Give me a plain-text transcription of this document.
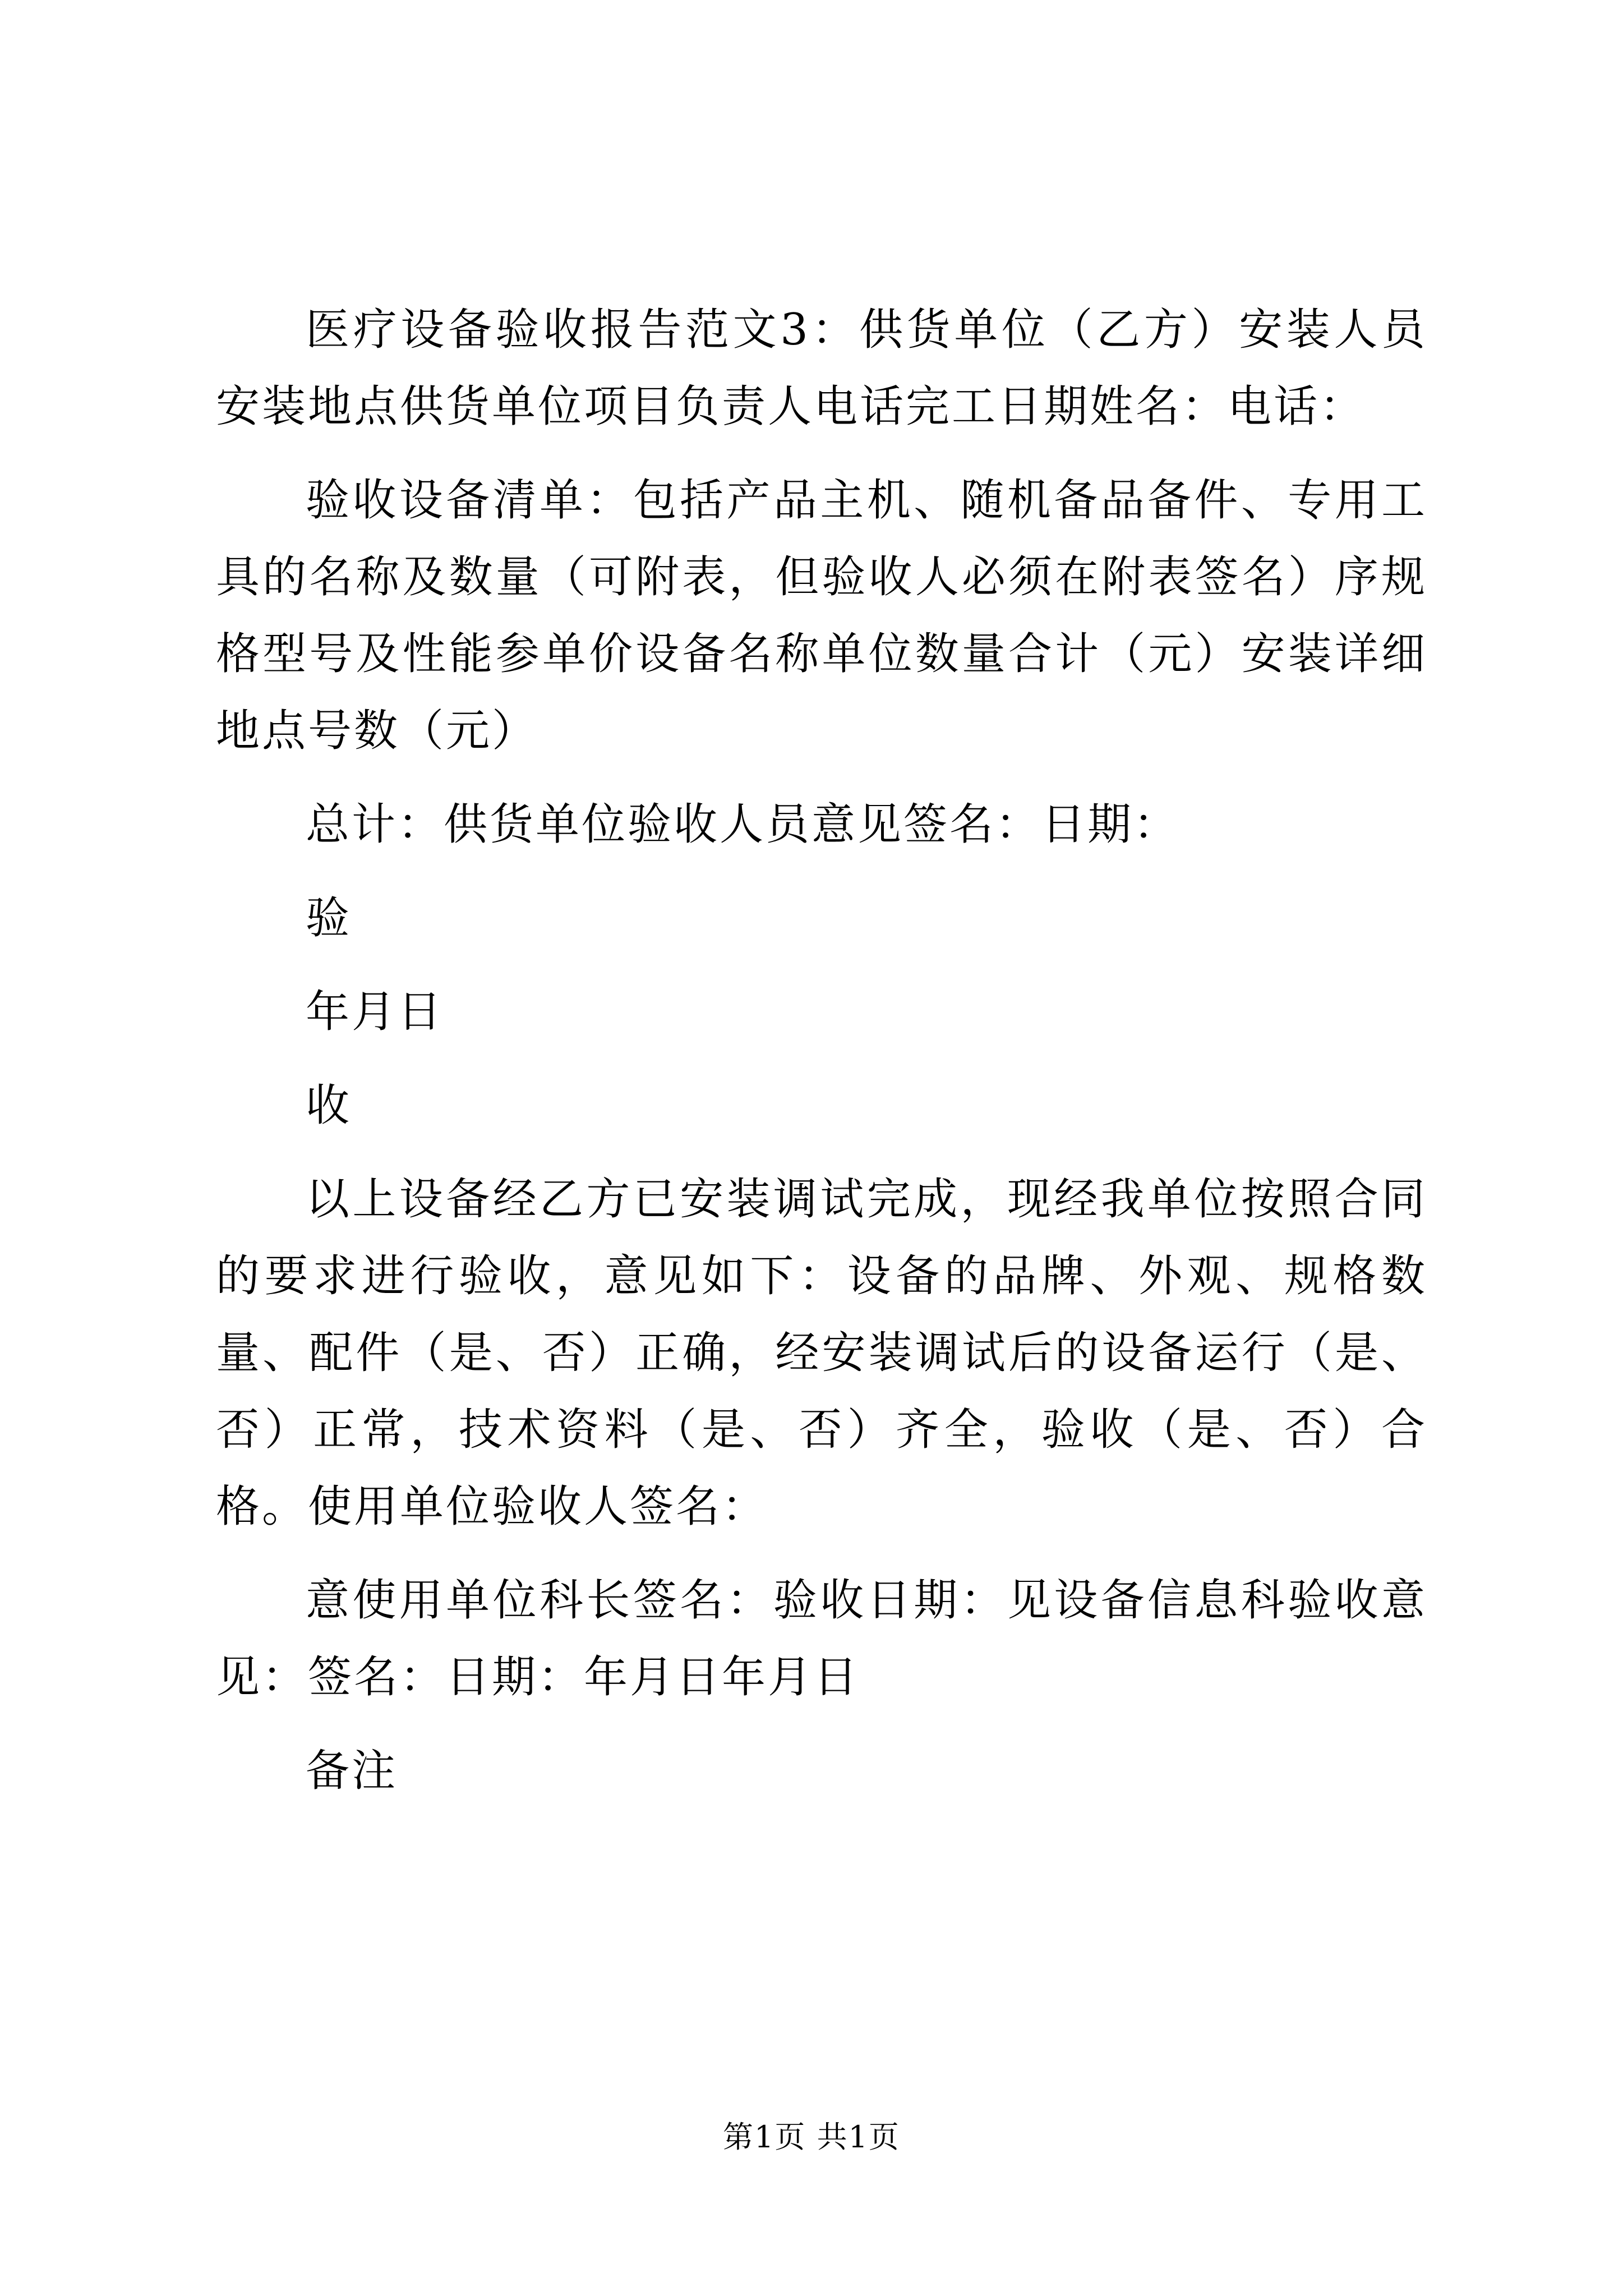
医疗设备验收报告范文3：供货单位（乙方）安装人员安装地点供货单位项目负责人电话完工日期姓名：电话：

验收设备清单：包括产品主机、随机备品备件、专用工具的名称及数量（可附表，但验收人必须在附表签名）序规格型号及性能参单价设备名称单位数量合计（元）安装详细地点号数（元）

总计：供货单位验收人员意见签名：日期：

验

年月日

收

以上设备经乙方已安装调试完成，现经我单位按照合同的要求进行验收，意见如下：设备的品牌、外观、规格数量、配件（是、否）正确，经安装调试后的设备运行（是、否）正常，技术资料（是、否）齐全，验收（是、否）合格。使用单位验收人签名：

意使用单位科长签名：验收日期：见设备信息科验收意见：签名：日期：年月日年月日

备注

第1页 共1页
